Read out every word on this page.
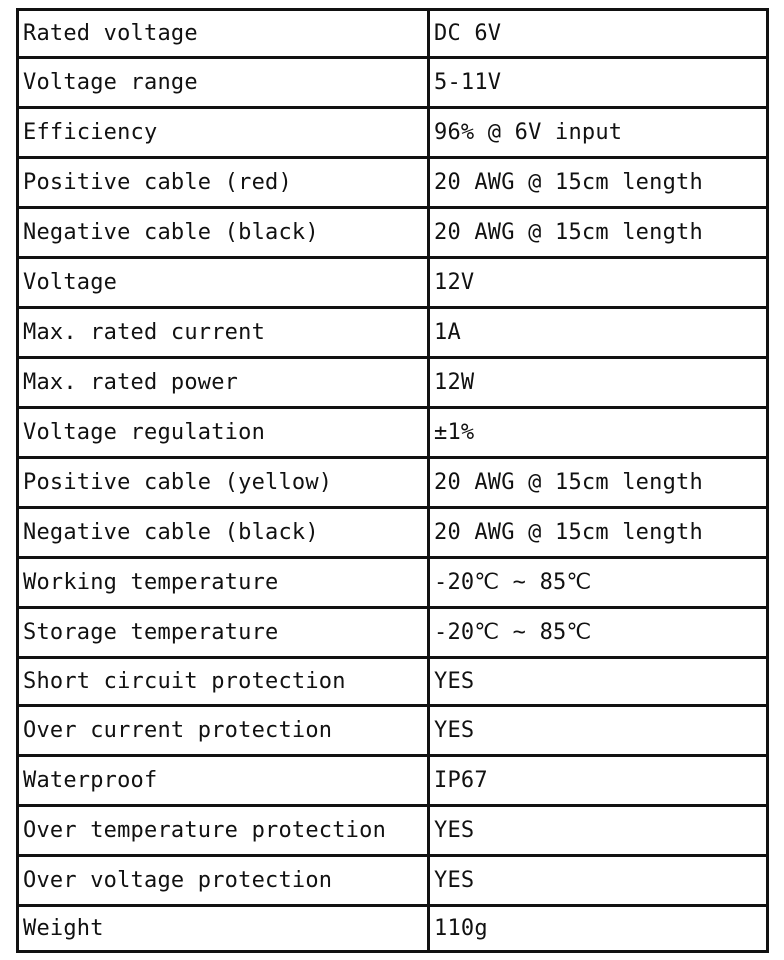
Rated voltage	DC 6V
Voltage range	5-11V
Efficiency	96% @ 6V input
Positive cable (red)	20 AWG @ 15cm length
Negative cable (black)	20 AWG @ 15cm length
Voltage	12V
Max. rated current	1A
Max. rated power	12W
Voltage regulation	±1%
Positive cable (yellow)	20 AWG @ 15cm length
Negative cable (black)	20 AWG @ 15cm length
Working temperature	-20℃ ~ 85℃
Storage temperature	-20℃ ~ 85℃
Short circuit protection	YES
Over current protection	YES
Waterproof	IP67
Over temperature protection	YES
Over voltage protection	YES
Weight	110g
